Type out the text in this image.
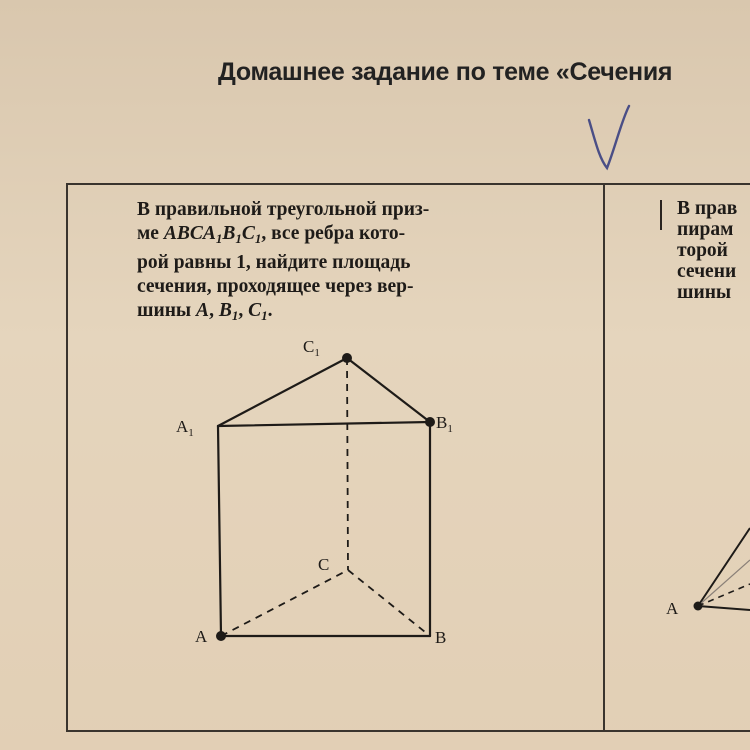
Домашнее задание по теме «Сечения
В правильной треугольной приз-
ме $ABCA_1B_1C_1$, все ребра кото-
рой равны 1, найдите площадь
сечения, проходящее через вер-
шины A, $B_1$, $C_1$.
В прав
пирам
торой
сечени
шины
$C_1$
$A_1$
$B_1$
C
A	B
A
